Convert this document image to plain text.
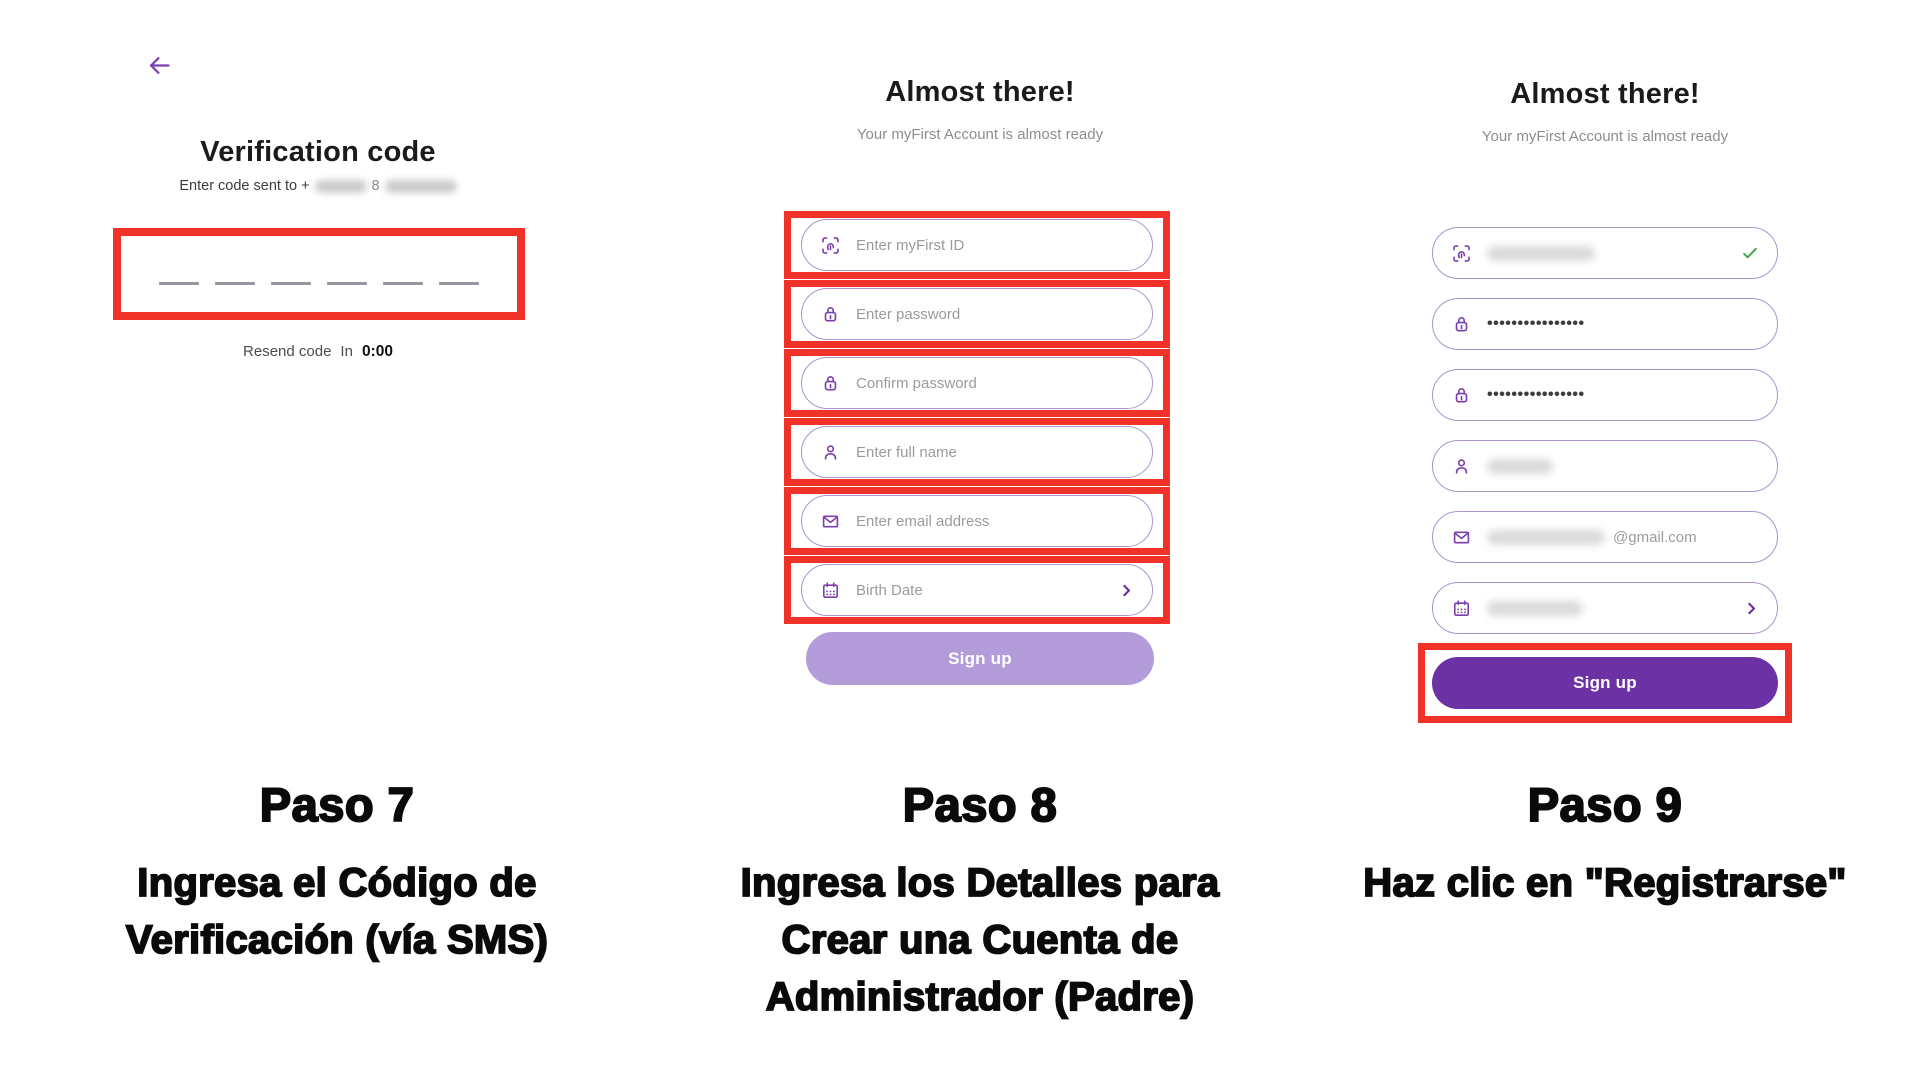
Verification code
Enter code sent to +	8
Resend code In 0:00
Almost there!
Your myFirst Account is almost ready
Enter myFirst ID
Enter password
Confirm password
Enter full name
Enter email address
Birth Date
Sign up
Almost there!
Your myFirst Account is almost ready
••••••••••••••••
••••••••••••••••
@gmail.com
Sign up
Paso 7
Ingresa el Código de
Verificación (vía SMS)
Paso 8
Ingresa los Detalles para
Crear una Cuenta de
Administrador (Padre)
Paso 9
Haz clic en "Registrarse"
